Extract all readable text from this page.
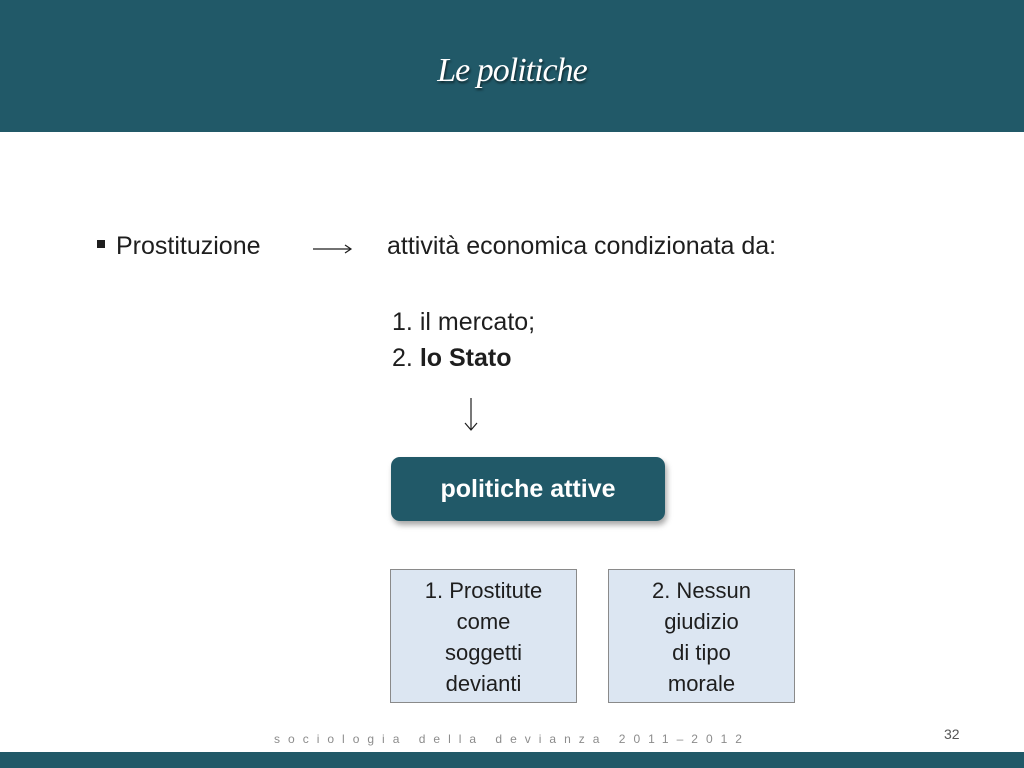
Le politiche
Prostituzione	attività economica condizionata da:
1. il mercato;
2. lo Stato
politiche attive
1. Prostitute
come
soggetti
devianti
2. Nessun
giudizio
di tipo
morale
sociologia della devianza 2011–2012	32
